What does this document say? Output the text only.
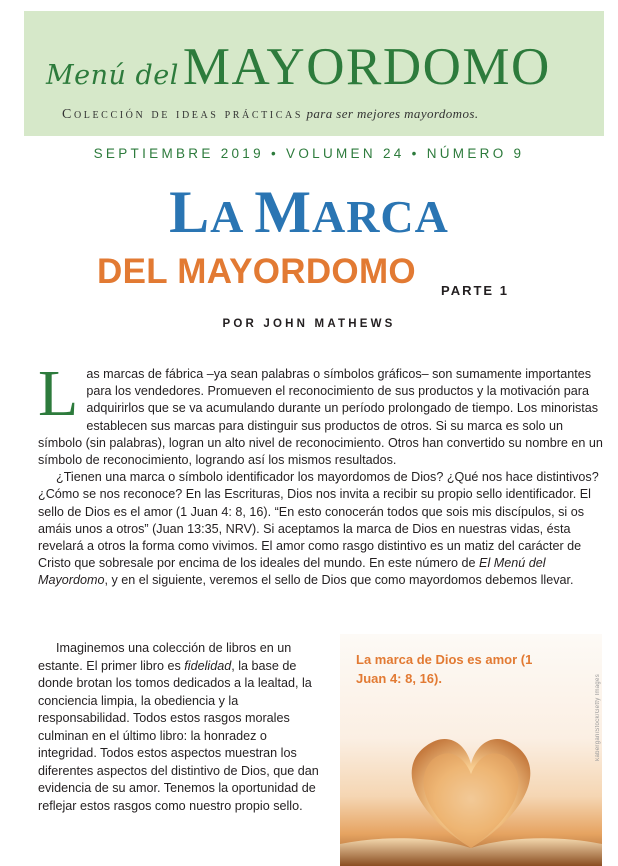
Menú delMAYORDOMO
Colección de ideas prácticas para ser mejores mayordomos.
SEPTIEMBRE 2019 • VOLUMEN 24 • NÚMERO 9
LA MARCA
DEL MAYORDOMO PARTE 1
POR JOHN MATHEWS
L as marcas de fábrica –ya sean palabras o símbolos gráficos– son sumamente importantes para los vendedores. Promueven el reconocimiento de sus productos y la motivación para adquirirlos que se va acumulando durante un período prolongado de tiempo. Los minoristas establecen sus marcas para distinguir sus productos de otros. Si su marca es solo un símbolo (sin palabras), logran un alto nivel de reconocimiento. Otros han convertido su nombre en un símbolo de reconocimiento, logrando así los mismos resultados.

¿Tienen una marca o símbolo identificador los mayordomos de Dios? ¿Qué nos hace distintivos? ¿Cómo se nos reconoce? En las Escrituras, Dios nos invita a recibir su propio sello identificador. El sello de Dios es el amor (1 Juan 4: 8, 16). “En esto conocerán todos que sois mis discípulos, si os amáis unos a otros” (Juan 13:35, NRV). Si aceptamos la marca de Dios en nuestras vidas, ésta revelará a otros la forma como vivimos. El amor como rasgo distintivo es un matiz del carácter de Cristo que sobresale por encima de los ideales del mundo. En este número de El Menú del Mayordomo, y en el siguiente, veremos el sello de Dios que como mayordomos debemos llevar.

Imaginemos una colección de libros en un estante. El primer libro es fidelidad, la base de donde brotan los tomos dedicados a la lealtad, la conciencia limpia, la obediencia y la responsabilidad. Todos estos rasgos morales culminan en el último libro: la honradez o integridad. Todos estos aspectos muestran los diferentes aspectos del distintivo de Dios, que dan evidencia de su amor. Tenemos la oportunidad de reflejar estos rasgos como nuestro propio sello.

La marca de Dios es amor (1 Juan 4: 8, 16).	kaberganiStock/Getty Images
